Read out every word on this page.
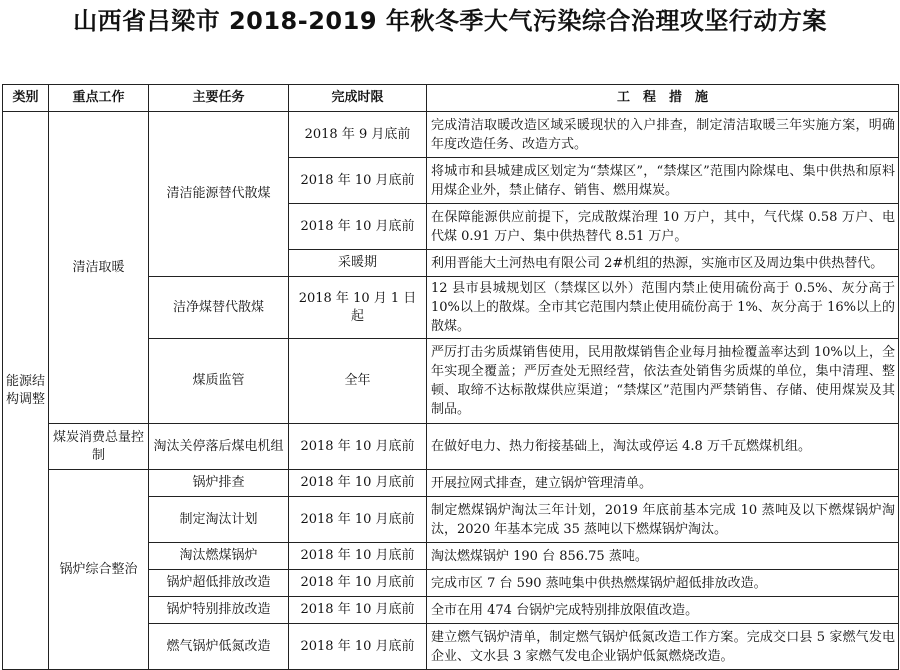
山西省吕梁市 2018-2019 年秋冬季大气污染综合治理攻坚行动方案
类别	重点工作	主要任务	完成时限	工　程　措　施
能源结构调整	清洁取暖	清洁能源替代散煤	2018 年 9 月底前	完成清洁取暖改造区域采暖现状的入户排查，制定清洁取暖三年实施方案，明确年度改造任务、改造方式。
			2018 年 10 月底前	将城市和县城建成区划定为“禁煤区”，“禁煤区”范围内除煤电、集中供热和原料用煤企业外，禁止储存、销售、燃用煤炭。
			2018 年 10 月底前	在保障能源供应前提下，完成散煤治理 10 万户，其中，气代煤 0.58 万户、电代煤 0.91 万户、集中供热替代 8.51 万户。
			采暖期	利用晋能大土河热电有限公司 2#机组的热源，实施市区及周边集中供热替代。
		洁净煤替代散煤	2018 年 10 月 1 日起	12 县市县城规划区（禁煤区以外）范围内禁止使用硫份高于 0.5%、灰分高于 10%以上的散煤。全市其它范围内禁止使用硫份高于 1%、灰分高于 16%以上的散煤。
		煤质监管	全年	严厉打击劣质煤销售使用，民用散煤销售企业每月抽检覆盖率达到 10%以上，全年实现全覆盖；严厉查处无照经营，依法查处销售劣质煤的单位，集中清理、整顿、取缔不达标散煤供应渠道；“禁煤区”范围内严禁销售、存储、使用煤炭及其制品。
	煤炭消费总量控制	淘汰关停落后煤电机组	2018 年 10 月底前	在做好电力、热力衔接基础上，淘汰或停运 4.8 万千瓦燃煤机组。
	锅炉综合整治	锅炉排查	2018 年 10 月底前	开展拉网式排查，建立锅炉管理清单。
		制定淘汰计划	2018 年 10 月底前	制定燃煤锅炉淘汰三年计划，2019 年底前基本完成 10 蒸吨及以下燃煤锅炉淘汰，2020 年基本完成 35 蒸吨以下燃煤锅炉淘汰。
		淘汰燃煤锅炉	2018 年 10 月底前	淘汰燃煤锅炉 190 台 856.75 蒸吨。
		锅炉超低排放改造	2018 年 10 月底前	完成市区 7 台 590 蒸吨集中供热燃煤锅炉超低排放改造。
		锅炉特别排放改造	2018 年 10 月底前	全市在用 474 台锅炉完成特别排放限值改造。
		燃气锅炉低氮改造	2018 年 10 月底前	建立燃气锅炉清单，制定燃气锅炉低氮改造工作方案。完成交口县 5 家燃气发电企业、文水县 3 家燃气发电企业锅炉低氮燃烧改造。
